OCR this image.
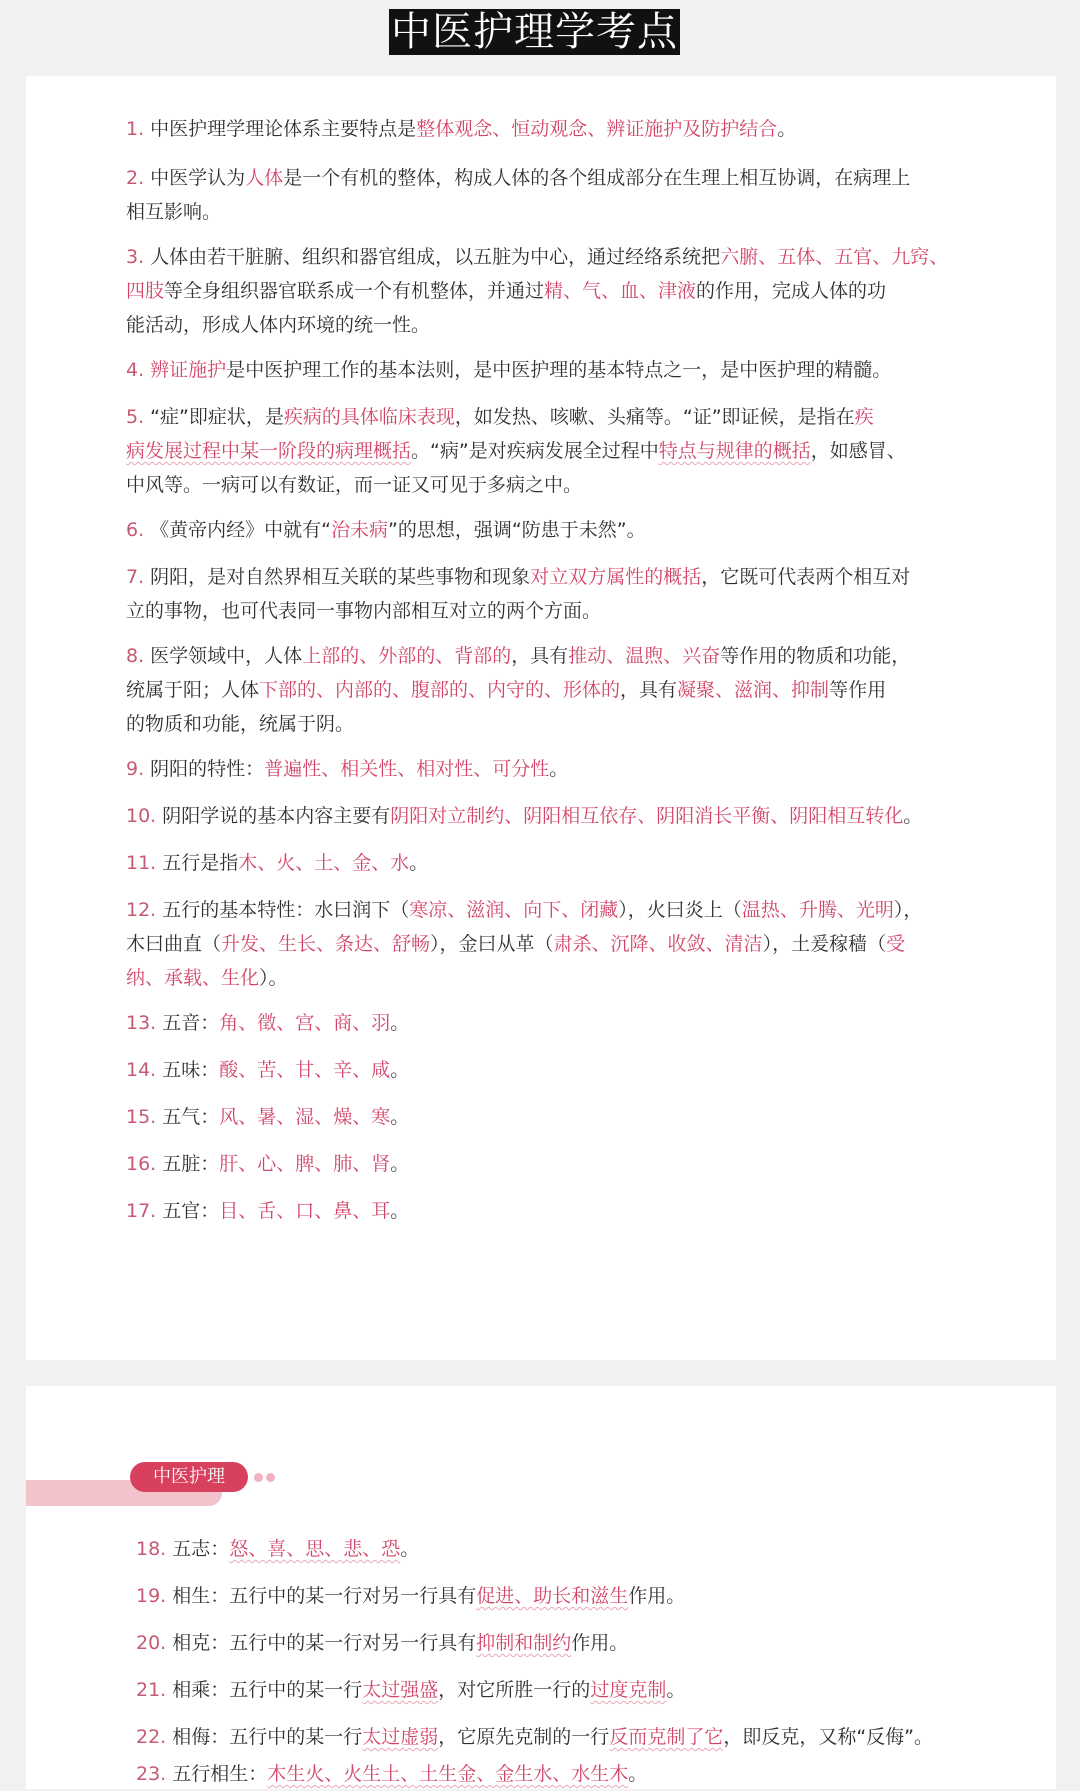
中医护理学考点
1. 中医护理学理论体系主要特点是整体观念、恒动观念、辨证施护及防护结合。
2. 中医学认为人体是一个有机的整体，构成人体的各个组成部分在生理上相互协调，在病理上
相互影响。
3. 人体由若干脏腑、组织和器官组成，以五脏为中心，通过经络系统把六腑、五体、五官、九窍、
四肢等全身组织器官联系成一个有机整体，并通过精、气、血、津液的作用，完成人体的功
能活动，形成人体内环境的统一性。
4. 辨证施护是中医护理工作的基本法则，是中医护理的基本特点之一，是中医护理的精髓。
5. “症”即症状，是疾病的具体临床表现，如发热、咳嗽、头痛等。“证”即证候，是指在疾
病发展过程中某一阶段的病理概括。“病”是对疾病发展全过程中特点与规律的概括，如感冒、
中风等。一病可以有数证，而一证又可见于多病之中。
6. 《黄帝内经》中就有“治未病”的思想，强调“防患于未然”。
7. 阴阳，是对自然界相互关联的某些事物和现象对立双方属性的概括，它既可代表两个相互对
立的事物，也可代表同一事物内部相互对立的两个方面。
8. 医学领域中，人体上部的、外部的、背部的，具有推动、温煦、兴奋等作用的物质和功能，
统属于阳；人体下部的、内部的、腹部的、内守的、形体的，具有凝聚、滋润、抑制等作用
的物质和功能，统属于阴。
9. 阴阳的特性：普遍性、相关性、相对性、可分性。
10. 阴阳学说的基本内容主要有阴阳对立制约、阴阳相互依存、阴阳消长平衡、阴阳相互转化。
11. 五行是指木、火、土、金、水。
12. 五行的基本特性：水曰润下（寒凉、滋润、向下、闭藏），火曰炎上（温热、升腾、光明），
木曰曲直（升发、生长、条达、舒畅），金曰从革（肃杀、沉降、收敛、清洁），土爰稼穑（受
纳、承载、生化）。
13. 五音：角、徵、宫、商、羽。
14. 五味：酸、苦、甘、辛、咸。
15. 五气：风、暑、湿、燥、寒。
16. 五脏：肝、心、脾、肺、肾。
17. 五官：目、舌、口、鼻、耳。
中医护理
18. 五志：怒、喜、思、悲、恐。
19. 相生：五行中的某一行对另一行具有促进、助长和滋生作用。
20. 相克：五行中的某一行对另一行具有抑制和制约作用。
21. 相乘：五行中的某一行太过强盛，对它所胜一行的过度克制。
22. 相侮：五行中的某一行太过虚弱，它原先克制的一行反而克制了它，即反克，又称“反侮”。
23. 五行相生：木生火、火生土、土生金、金生水、水生木。
